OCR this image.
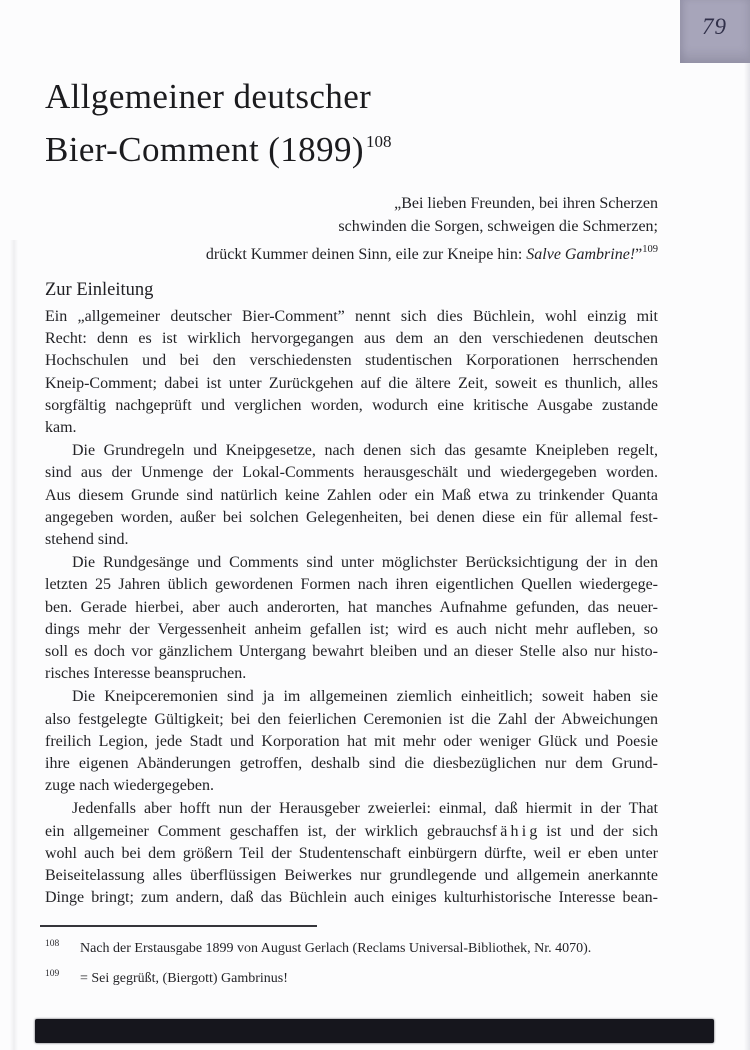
79
Allgemeiner deutscher
Bier-Comment (1899) $^{108}$
„Bei lieben Freunden, bei ihren Scherzen
schwinden die Sorgen, schweigen die Schmerzen;
drückt Kummer deinen Sinn, eile zur Kneipe hin: Salve Gambrine!”$^{109}$
Zur Einleitung
Ein „allgemeiner deutscher Bier-Comment” nennt sich dies Büchlein, wohl einzig mit
Recht: denn es ist wirklich hervorgegangen aus dem an den verschiedenen deutschen
Hochschulen und bei den verschiedensten studentischen Korporationen herrschenden
Kneip-Comment; dabei ist unter Zurückgehen auf die ältere Zeit, soweit es thunlich, alles
sorgfältig nachgeprüft und verglichen worden, wodurch eine kritische Ausgabe zustande
kam.
Die Grundregeln und Kneipgesetze, nach denen sich das gesamte Kneipleben regelt,
sind aus der Unmenge der Lokal-Comments herausgeschält und wiedergegeben worden.
Aus diesem Grunde sind natürlich keine Zahlen oder ein Maß etwa zu trinkender Quanta
angegeben worden, außer bei solchen Gelegenheiten, bei denen diese ein für allemal fest-
stehend sind.
Die Rundgesänge und Comments sind unter möglichster Berücksichtigung der in den
letzten 25 Jahren üblich gewordenen Formen nach ihren eigentlichen Quellen wiedergege-
ben. Gerade hierbei, aber auch anderorten, hat manches Aufnahme gefunden, das neuer-
dings mehr der Vergessenheit anheim gefallen ist; wird es auch nicht mehr aufleben, so
soll es doch vor gänzlichem Untergang bewahrt bleiben und an dieser Stelle also nur histo-
risches Interesse beanspruchen.
Die Kneipceremonien sind ja im allgemeinen ziemlich einheitlich; soweit haben sie
also festgelegte Gültigkeit; bei den feierlichen Ceremonien ist die Zahl der Abweichungen
freilich Legion, jede Stadt und Korporation hat mit mehr oder weniger Glück und Poesie
ihre eigenen Abänderungen getroffen, deshalb sind die diesbezüglichen nur dem Grund-
zuge nach wiedergegeben.
Jedenfalls aber hofft nun der Herausgeber zweierlei: einmal, daß hiermit in der That
ein allgemeiner Comment geschaffen ist, der wirklich gebrauchsf ä h i g ist und der sich
wohl auch bei dem größern Teil der Studentenschaft einbürgern dürfte, weil er eben unter
Beiseitelassung alles überflüssigen Beiwerkes nur grundlegende und allgemein anerkannte
Dinge bringt; zum andern, daß das Büchlein auch einiges kulturhistorische Interesse bean-
108 Nach der Erstausgabe 1899 von August Gerlach (Reclams Universal-Bibliothek, Nr. 4070).
109 = Sei gegrüßt, (Biergott) Gambrinus!
